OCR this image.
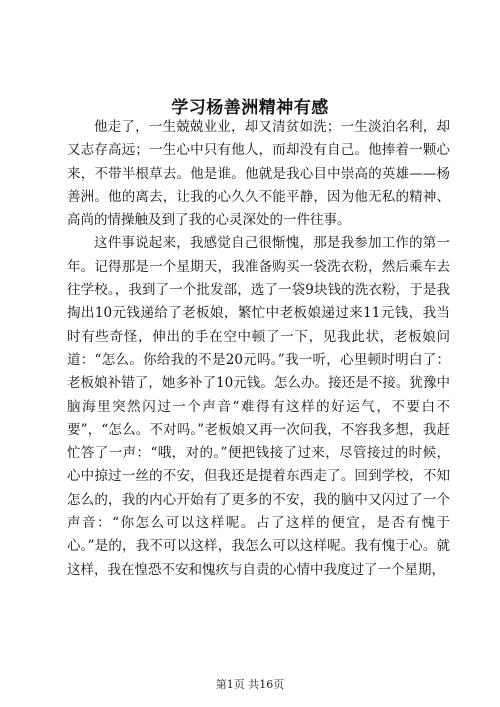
学习杨善洲精神有感

他走了，一生兢兢业业，却又清贫如洗；一生淡泊名利，却又志存高远；一生心中只有他人，而却没有自己。他捧着一颗心来，不带半根草去。他是谁。他就是我心目中崇高的英雄——杨善洲。他的离去，让我的心久久不能平静，因为他无私的精神、高尚的情操触及到了我的心灵深处的一件往事。

这件事说起来，我感觉自己很惭愧，那是我参加工作的第一年。记得那是一个星期天，我准备购买一袋洗衣粉，然后乘车去往学校。，我到了一个批发部，选了一袋9块钱的洗衣粉，于是我掏出10元钱递给了老板娘，繁忙中老板娘递过来11元钱，我当时有些奇怪，伸出的手在空中顿了一下，见我此状，老板娘问道：“怎么。你给我的不是20元吗。”我一听，心里顿时明白了：老板娘补错了，她多补了10元钱。怎么办。接还是不接。犹豫中脑海里突然闪过一个声音“难得有这样的好运气，不要白不要”，“怎么。不对吗。”老板娘又再一次问我，不容我多想，我赶忙答了一声：“哦，对的。”便把钱接了过来，尽管接过的时候，心中掠过一丝的不安，但我还是提着东西走了。回到学校，不知怎么的，我的内心开始有了更多的不安，我的脑中又闪过了一个声音：“你怎么可以这样呢。占了这样的便宜，是否有愧于心。”是的，我不可以这样，我怎么可以这样呢。我有愧于心。就这样，我在惶恐不安和愧疚与自责的心情中我度过了一个星期，

第1页 共16页
